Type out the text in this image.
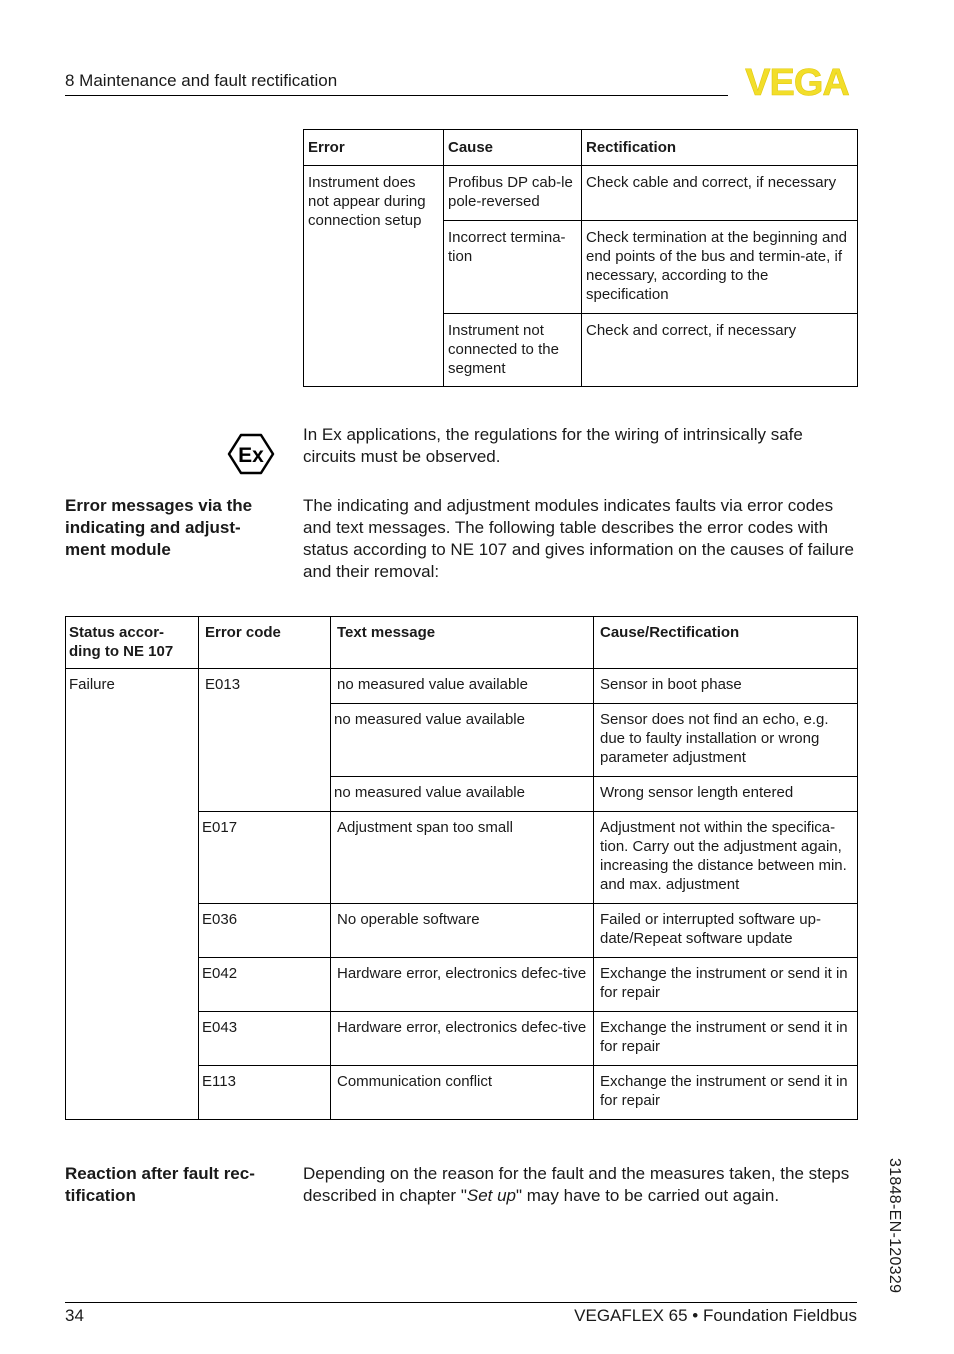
8 Maintenance and fault rectification	VEGA
Error	Cause	Rectification
Instrument does not appear during connection setup	Profibus DP cab-le pole-reversed	Check cable and correct, if necessary
	Incorrect termina-tion	Check termination at the beginning and end points of the bus and termin-ate, if necessary, according to the specification
	Instrument not connected to the segment	Check and correct, if necessary
Ex
In Ex applications, the regulations for the wiring of intrinsically safe circuits must be observed.
Error messages via the indicating and adjust-ment module
The indicating and adjustment modules indicates faults via error codes and text messages. The following table describes the error codes with status according to NE 107 and gives information on the causes of failure and their removal:
Status accor-ding to NE 107	Error code	Text message	Cause/Rectification
Failure	E013	no measured value available	Sensor in boot phase
		no measured value available	Sensor does not find an echo, e.g. due to faulty installation or wrong parameter adjustment
		no measured value available	Wrong sensor length entered
	E017	Adjustment span too small	Adjustment not within the specifica-tion. Carry out the adjustment again, increasing the distance between min. and max. adjustment
	E036	No operable software	Failed or interrupted software up-date/Repeat software update
	E042	Hardware error, electronics defec-tive	Exchange the instrument or send it in for repair
	E043	Hardware error, electronics defec-tive	Exchange the instrument or send it in for repair
	E113	Communication conflict	Exchange the instrument or send it in for repair
Reaction after fault rec-tification
Depending on the reason for the fault and the measures taken, the steps described in chapter "Set up" may have to be carried out again.	31848-EN-120329
34	VEGAFLEX 65 • Foundation Fieldbus
